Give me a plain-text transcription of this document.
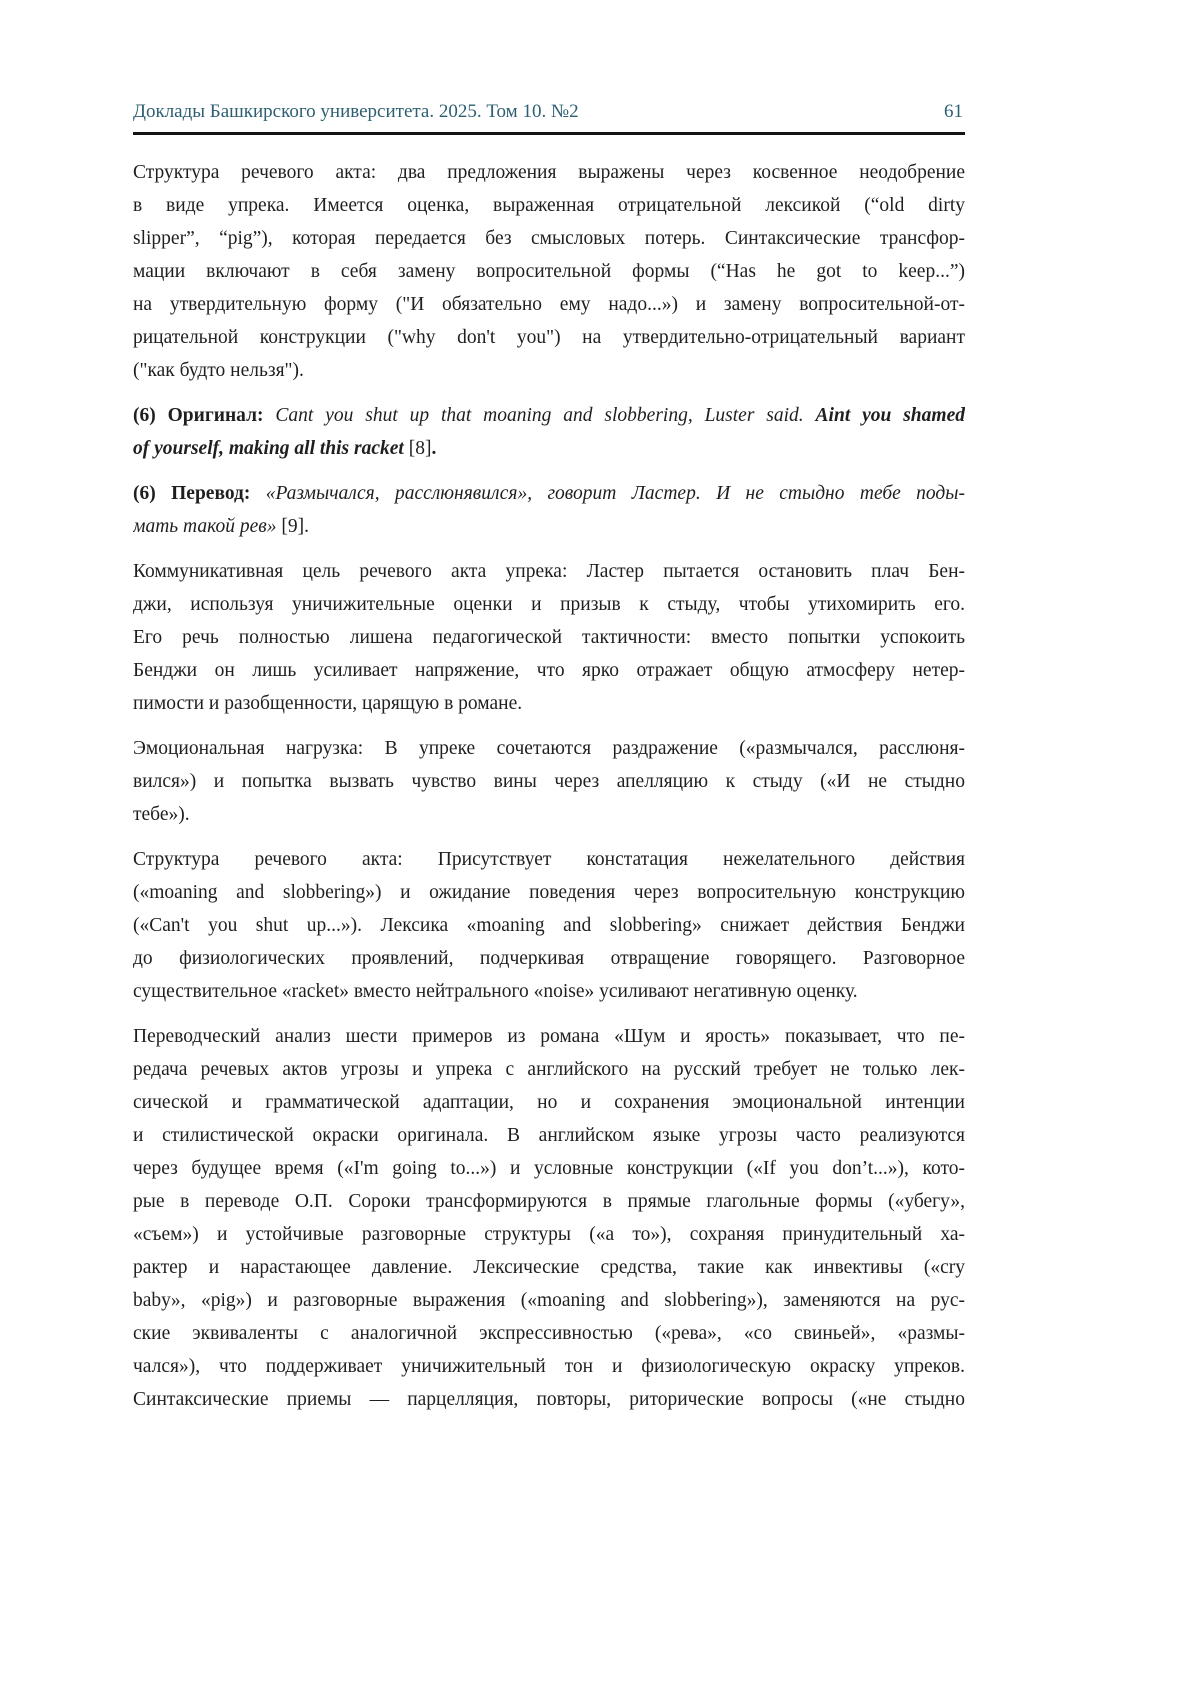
Доклады Башкирского университета. 2025. Том 10. №2	61

Структура речевого акта: два предложения выражены через косвенное неодобрение
в виде упрека. Имеется оценка, выраженная отрицательной лексикой (“old dirty
slipper”, “pig”), которая передается без смысловых потерь. Синтаксические трансфор-
мации включают в себя замену вопросительной формы (“Has he got to keep...”)
на утвердительную форму ("И обязательно ему надо...») и замену вопросительной-от-
рицательной конструкции ("why don't you") на утвердительно-отрицательный вариант
("как будто нельзя").

(6) Оригинал: Cant you shut up that moaning and slobbering, Luster said. Aint you shamed
of yourself, making all this racket [8].

(6) Перевод: «Размычался, расслюнявился», говорит Ластер. И не стыдно тебе поды-
мать такой рев» [9].

Коммуникативная цель речевого акта упрека: Ластер пытается остановить плач Бен-
джи, используя уничижительные оценки и призыв к стыду, чтобы утихомирить его.
Его речь полностью лишена педагогической тактичности: вместо попытки успокоить
Бенджи он лишь усиливает напряжение, что ярко отражает общую атмосферу нетер-
пимости и разобщенности, царящую в романе.

Эмоциональная нагрузка: В упреке сочетаются раздражение («размычался, расслюня-
вился») и попытка вызвать чувство вины через апелляцию к стыду («И не стыдно
тебе»).

Структура речевого акта: Присутствует констатация нежелательного действия
(«moaning and slobbering») и ожидание поведения через вопросительную конструкцию
(«Can't you shut up...»). Лексика «moaning and slobbering» снижает действия Бенджи
до физиологических проявлений, подчеркивая отвращение говорящего. Разговорное
существительное «racket» вместо нейтрального «noise» усиливают негативную оценку.

Переводческий анализ шести примеров из романа «Шум и ярость» показывает, что пе-
редача речевых актов угрозы и упрека с английского на русский требует не только лек-
сической и грамматической адаптации, но и сохранения эмоциональной интенции
и стилистической окраски оригинала. В английском языке угрозы часто реализуются
через будущее время («I'm going to...») и условные конструкции («If you don’t...»), кото-
рые в переводе О.П. Сороки трансформируются в прямые глагольные формы («убегу»,
«съем») и устойчивые разговорные структуры («а то»), сохраняя принудительный ха-
рактер и нарастающее давление. Лексические средства, такие как инвективы («cry
baby», «pig») и разговорные выражения («moaning and slobbering»), заменяются на рус-
ские эквиваленты с аналогичной экспрессивностью («рева», «со свиньей», «размы-
чался»), что поддерживает уничижительный тон и физиологическую окраску упреков.
Синтаксические приемы — парцелляция, повторы, риторические вопросы («не стыдно
